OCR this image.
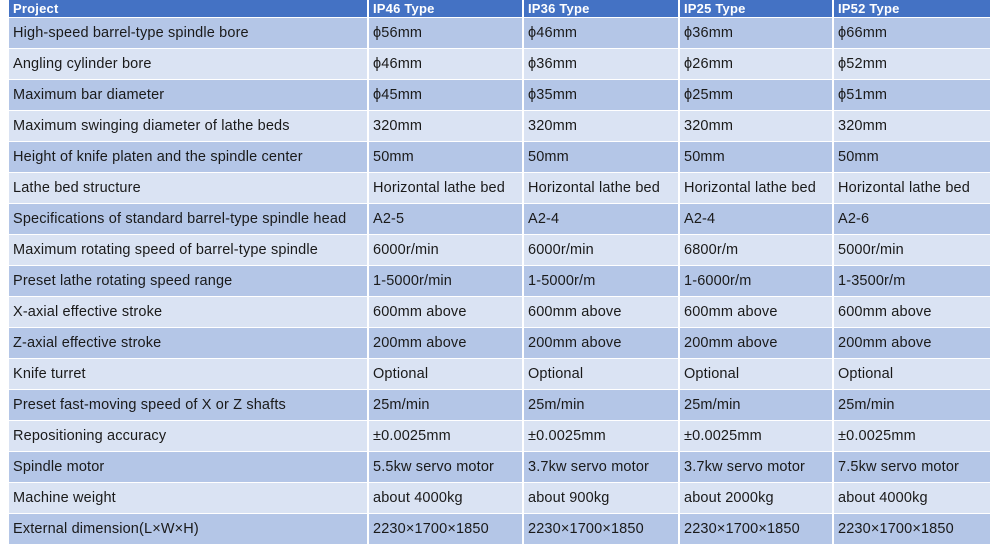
Project	IP46 Type	IP36 Type	IP25 Type	IP52 Type
High-speed barrel-type spindle bore	ϕ56mm	ϕ46mm	ϕ36mm	ϕ66mm
Angling cylinder bore	ϕ46mm	ϕ36mm	ϕ26mm	ϕ52mm
Maximum bar diameter	ϕ45mm	ϕ35mm	ϕ25mm	ϕ51mm
Maximum swinging diameter of lathe beds	320mm	320mm	320mm	320mm
Height of knife platen and the spindle center	50mm	50mm	50mm	50mm
Lathe bed structure	Horizontal lathe bed	Horizontal lathe bed	Horizontal lathe bed	Horizontal lathe bed
Specifications of standard barrel-type spindle head	A2-5	A2-4	A2-4	A2-6
Maximum rotating speed of barrel-type spindle	6000r/min	6000r/min	6800r/m	5000r/min
Preset lathe rotating speed range	1-5000r/min	1-5000r/m	1-6000r/m	1-3500r/m
X-axial effective stroke	600mm above	600mm above	600mm above	600mm above
Z-axial effective stroke	200mm above	200mm above	200mm above	200mm above
Knife turret	Optional	Optional	Optional	Optional
Preset fast-moving speed of X or Z shafts	25m/min	25m/min	25m/min	25m/min
Repositioning accuracy	±0.0025mm	±0.0025mm	±0.0025mm	±0.0025mm
Spindle motor	5.5kw servo motor	3.7kw servo motor	3.7kw servo motor	7.5kw servo motor
Machine weight	about 4000kg	about 900kg	about 2000kg	about 4000kg
External dimension(L×W×H)	2230×1700×1850	2230×1700×1850	2230×1700×1850	2230×1700×1850
